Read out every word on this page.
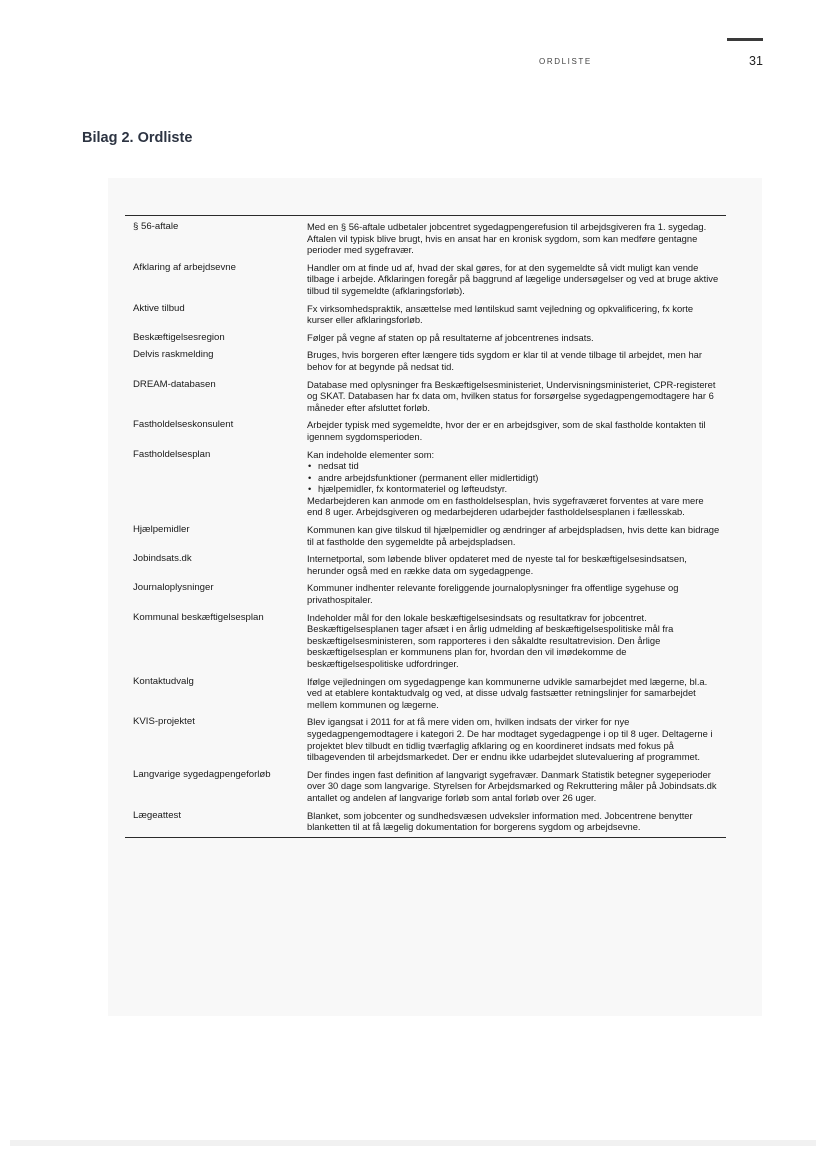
ORDLISTE	31
Bilag 2. Ordliste
§ 56-aftale	Med en § 56-aftale udbetaler jobcentret sygedagpengerefusion til arbejdsgiveren fra 1. sygedag. Aftalen vil typisk blive brugt, hvis en ansat har en kronisk sygdom, som kan medføre gentagne perioder med sygefravær.

Afklaring af arbejdsevne	Handler om at finde ud af, hvad der skal gøres, for at den sygemeldte så vidt muligt kan vende tilbage i arbejde. Afklaringen foregår på baggrund af lægelige undersøgelser og ved at bruge aktive tilbud til sygemeldte (afklaringsforløb).

Aktive tilbud	Fx virksomhedspraktik, ansættelse med løntilskud samt vejledning og opkvalificering, fx korte kurser eller afklaringsforløb.

Beskæftigelsesregion	Følger på vegne af staten op på resultaterne af jobcentrenes indsats.

Delvis raskmelding	Bruges, hvis borgeren efter længere tids sygdom er klar til at vende tilbage til arbejdet, men har behov for at begynde på nedsat tid.

DREAM-databasen	Database med oplysninger fra Beskæftigelsesministeriet, Undervisningsministeriet, CPR-registeret og SKAT. Databasen har fx data om, hvilken status for forsørgelse sygedagpengemodtagere har 6 måneder efter afsluttet forløb.

Fastholdelseskonsulent	Arbejder typisk med sygemeldte, hvor der er en arbejdsgiver, som de skal fastholde kontakten til igennem sygdomsperioden.

Fastholdelsesplan	Kan indeholde elementer som:

• nedsat tid
• andre arbejdsfunktioner (permanent eller midlertidigt)
• hjælpemidler, fx kontormateriel og løfteudstyr.

Medarbejderen kan anmode om en fastholdelsesplan, hvis sygefraværet forventes at vare mere end 8 uger. Arbejdsgiveren og medarbejderen udarbejder fastholdelsesplanen i fællesskab.

Hjælpemidler	Kommunen kan give tilskud til hjælpemidler og ændringer af arbejdspladsen, hvis dette kan bidrage til at fastholde den sygemeldte på arbejdspladsen.

Jobindsats.dk	Internetportal, som løbende bliver opdateret med de nyeste tal for beskæftigelsesindsatsen, herunder også med en række data om sygedagpenge.

Journaloplysninger	Kommuner indhenter relevante foreliggende journaloplysninger fra offentlige sygehuse og privathospitaler.

Kommunal beskæftigelsesplan	Indeholder mål for den lokale beskæftigelsesindsats og resultatkrav for jobcentret.

Beskæftigelsesplanen tager afsæt i en årlig udmelding af beskæftigelsespolitiske mål fra beskæftigelsesministeren, som rapporteres i den såkaldte resultatrevision. Den årlige beskæftigelsesplan er kommunens plan for, hvordan den vil imødekomme de beskæftigelsespolitiske udfordringer.

Kontaktudvalg	Ifølge vejledningen om sygedagpenge kan kommunerne udvikle samarbejdet med lægerne, bl.a. ved at etablere kontaktudvalg og ved, at disse udvalg fastsætter retningslinjer for samarbejdet mellem kommunen og lægerne.

KVIS-projektet	Blev igangsat i 2011 for at få mere viden om, hvilken indsats der virker for nye sygedagpengemodtagere i kategori 2. De har modtaget sygedagpenge i op til 8 uger. Deltagerne i projektet blev tilbudt en tidlig tværfaglig afklaring og en koordineret indsats med fokus på tilbagevenden til arbejdsmarkedet. Der er endnu ikke udarbejdet slutevaluering af programmet.

Langvarige sygedagpengeforløb	Der findes ingen fast definition af langvarigt sygefravær. Danmark Statistik betegner sygeperioder over 30 dage som langvarige. Styrelsen for Arbejdsmarked og Rekruttering måler på Jobindsats.dk antallet og andelen af langvarige forløb som antal forløb over 26 uger.

Lægeattest	Blanket, som jobcenter og sundhedsvæsen udveksler information med. Jobcentrene benytter blanketten til at få lægelig dokumentation for borgerens sygdom og arbejdsevne.
